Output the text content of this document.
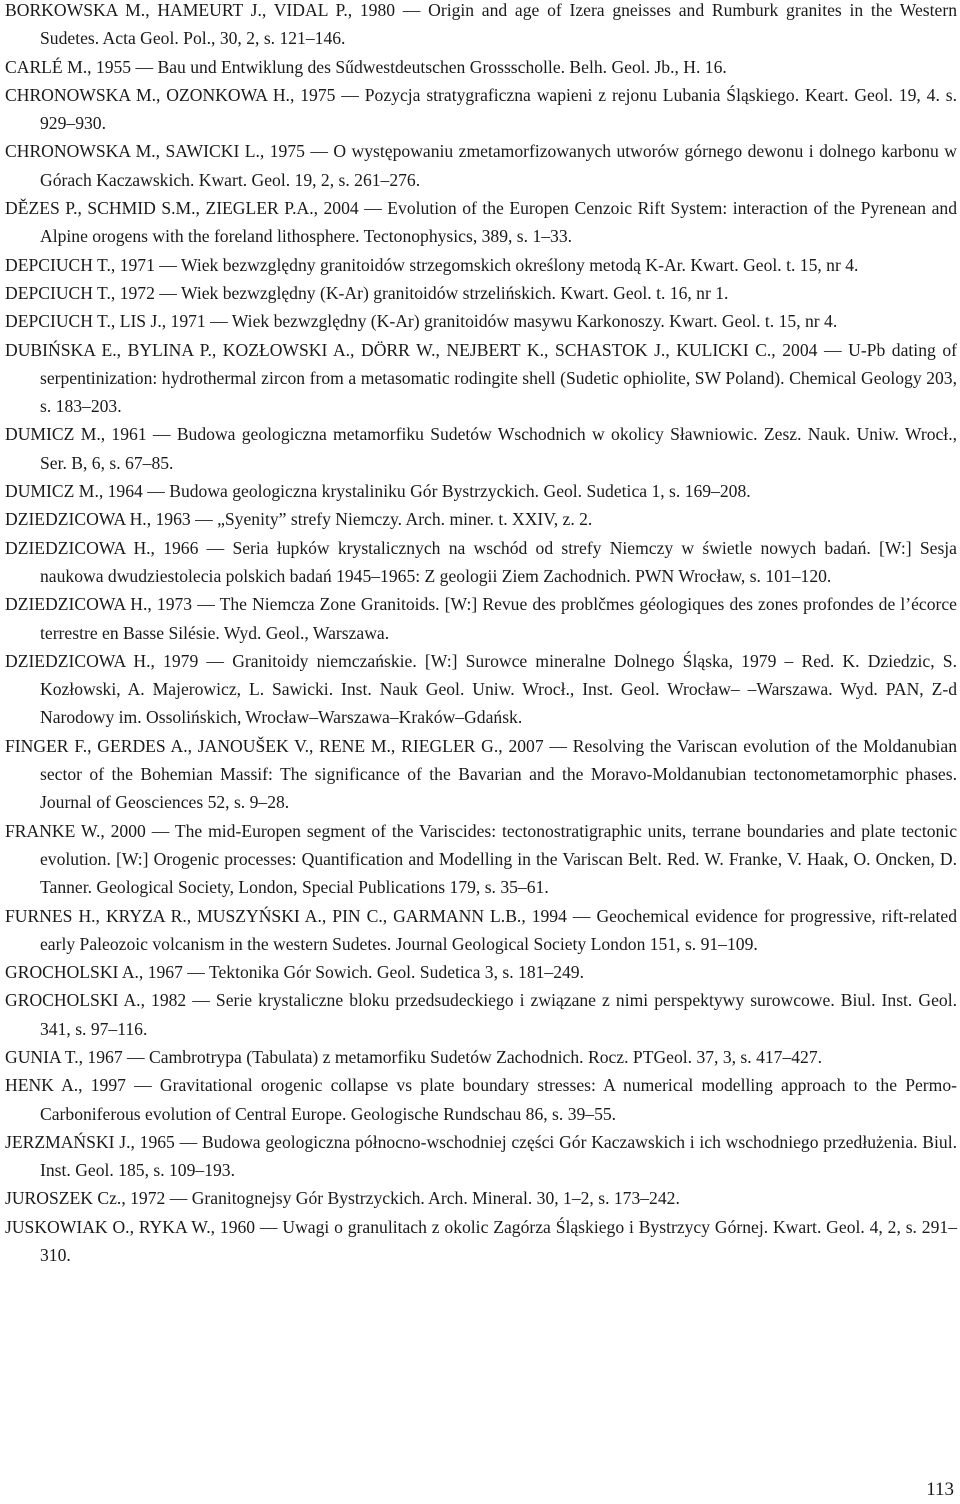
BORKOWSKA M., HAMEURT J., VIDAL P., 1980 — Origin and age of Izera gneisses and Rumburk granites in the Western Sudetes. Acta Geol. Pol., 30, 2, s. 121–146.

CARLÉ M., 1955 — Bau und Entwiklung des Sűdwestdeutschen Grossscholle. Belh. Geol. Jb., H. 16.

CHRONOWSKA M., OZONKOWA H., 1975 — Pozycja stratygraficzna wapieni z rejonu Lubania Śląskiego. Keart. Geol. 19, 4. s. 929–930.

CHRONOWSKA M., SAWICKI L., 1975 — O występowaniu zmetamorfizowanych utworów górnego dewonu i dolnego karbonu w Górach Kaczawskich. Kwart. Geol. 19, 2, s. 261–276.

DĚZES P., SCHMID S.M., ZIEGLER P.A., 2004 — Evolution of the Europen Cenzoic Rift System: interaction of the Pyrenean and Alpine orogens with the foreland lithosphere. Tectonophysics, 389, s. 1–33.

DEPCIUCH T., 1971 — Wiek bezwzględny granitoidów strzegomskich określony metodą K-Ar. Kwart. Geol. t. 15, nr 4.

DEPCIUCH T., 1972 — Wiek bezwzględny (K-Ar) granitoidów strzelińskich. Kwart. Geol. t. 16, nr 1.

DEPCIUCH T., LIS J., 1971 — Wiek bezwzględny (K-Ar) granitoidów masywu Karkonoszy. Kwart. Geol. t. 15, nr 4.

DUBIŃSKA E., BYLINA P., KOZŁOWSKI A., DÖRR W., NEJBERT K., SCHASTOK J., KULICKI C., 2004 — U-Pb dating of serpentinization: hydrothermal zircon from a metasomatic rodingite shell (Sudetic ophiolite, SW Poland). Chemical Geology 203, s. 183–203.

DUMICZ M., 1961 — Budowa geologiczna metamorfiku Sudetów Wschodnich w okolicy Sławniowic. Zesz. Nauk. Uniw. Wrocł., Ser. B, 6, s. 67–85.

DUMICZ M., 1964 — Budowa geologiczna krystaliniku Gór Bystrzyckich. Geol. Sudetica 1, s. 169–208.

DZIEDZICOWA H., 1963 — „Syenity” strefy Niemczy. Arch. miner. t. XXIV, z. 2.

DZIEDZICOWA H., 1966 — Seria łupków krystalicznych na wschód od strefy Niemczy w świetle nowych badań. [W:] Sesja naukowa dwudziestolecia polskich badań 1945–1965: Z geologii Ziem Zachodnich. PWN Wrocław, s. 101–120.

DZIEDZICOWA H., 1973 — The Niemcza Zone Granitoids. [W:] Revue des problčmes géologiques des zones profondes de l’écorce terrestre en Basse Silésie. Wyd. Geol., Warszawa.

DZIEDZICOWA H., 1979 — Granitoidy niemczańskie. [W:] Surowce mineralne Dolnego Śląska, 1979 – Red. K. Dziedzic, S. Kozłowski, A. Majerowicz, L. Sawicki. Inst. Nauk Geol. Uniw. Wrocł., Inst. Geol. Wrocław– –Warszawa. Wyd. PAN, Z-d Narodowy im. Ossolińskich, Wrocław–Warszawa–Kraków–Gdańsk.

FINGER F., GERDES A., JANOUŠEK V., RENE M., RIEGLER G., 2007 — Resolving the Variscan evolution of the Moldanubian sector of the Bohemian Massif: The significance of the Bavarian and the Moravo-Moldanubian tectonometamorphic phases. Journal of Geosciences 52, s. 9–28.

FRANKE W., 2000 — The mid-Europen segment of the Variscides: tectonostratigraphic units, terrane boundaries and plate tectonic evolution. [W:] Orogenic processes: Quantification and Modelling in the Variscan Belt. Red. W. Franke, V. Haak, O. Oncken, D. Tanner. Geological Society, London, Special Publications 179, s. 35–61.

FURNES H., KRYZA R., MUSZYŃSKI A., PIN C., GARMANN L.B., 1994 — Geochemical evidence for progressive, rift-related early Paleozoic volcanism in the western Sudetes. Journal Geological Society London 151, s. 91–109.

GROCHOLSKI A., 1967 — Tektonika Gór Sowich. Geol. Sudetica 3, s. 181–249.

GROCHOLSKI A., 1982 — Serie krystaliczne bloku przedsudeckiego i związane z nimi perspektywy surowcowe. Biul. Inst. Geol. 341, s. 97–116.

GUNIA T., 1967 — Cambrotrypa (Tabulata) z metamorfiku Sudetów Zachodnich. Rocz. PTGeol. 37, 3, s. 417–427.

HENK A., 1997 — Gravitational orogenic collapse vs plate boundary stresses: A numerical modelling approach to the Permo-Carboniferous evolution of Central Europe. Geologische Rundschau 86, s. 39–55.

JERZMAŃSKI J., 1965 — Budowa geologiczna północno-wschodniej części Gór Kaczawskich i ich wschodniego przedłużenia. Biul. Inst. Geol. 185, s. 109–193.

JUROSZEK Cz., 1972 — Granitognejsy Gór Bystrzyckich. Arch. Mineral. 30, 1–2, s. 173–242.

JUSKOWIAK O., RYKA W., 1960 — Uwagi o granulitach z okolic Zagórza Śląskiego i Bystrzycy Górnej. Kwart. Geol. 4, 2, s. 291–310.

113
